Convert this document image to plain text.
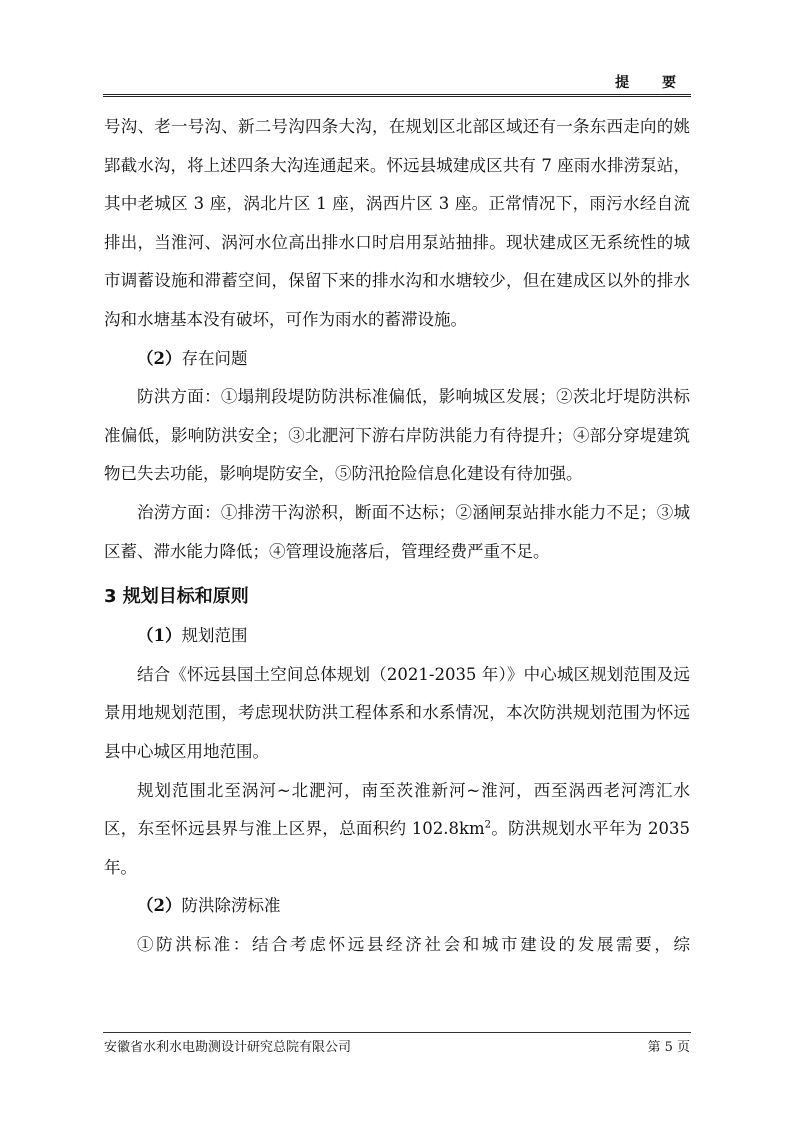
提 要

号沟、老一号沟、新二号沟四条大沟，在规划区北部区域还有一条东西走向的姚郢截水沟，将上述四条大沟连通起来。怀远县城建成区共有 7 座雨水排涝泵站，其中老城区 3 座，涡北片区 1 座，涡西片区 3 座。正常情况下，雨污水经自流排出，当淮河、涡河水位高出排水口时启用泵站抽排。现状建成区无系统性的城市调蓄设施和滞蓄空间，保留下来的排水沟和水塘较少，但在建成区以外的排水沟和水塘基本没有破坏，可作为雨水的蓄滞设施。

（2）存在问题

防洪方面：①塌荆段堤防防洪标准偏低，影响城区发展；②茨北圩堤防洪标准偏低，影响防洪安全；③北淝河下游右岸防洪能力有待提升；④部分穿堤建筑物已失去功能，影响堤防安全，⑤防汛抢险信息化建设有待加强。

治涝方面：①排涝干沟淤积，断面不达标；②涵闸泵站排水能力不足；③城区蓄、滞水能力降低；④管理设施落后，管理经费严重不足。

3 规划目标和原则

（1）规划范围

结合《怀远县国土空间总体规划（2021-2035 年）》中心城区规划范围及远景用地规划范围，考虑现状防洪工程体系和水系情况，本次防洪规划范围为怀远县中心城区用地范围。

规划范围北至涡河~北淝河，南至茨淮新河~淮河，西至涡西老河湾汇水区，东至怀远县界与淮上区界，总面积约 $102.8km^2$。防洪规划水平年为 2035 年。

（2）防洪除涝标准

①防洪标准：结合考虑怀远县经济社会和城市建设的发展需要，综

安徽省水利水电勘测设计研究总院有限公司	第 5 页
